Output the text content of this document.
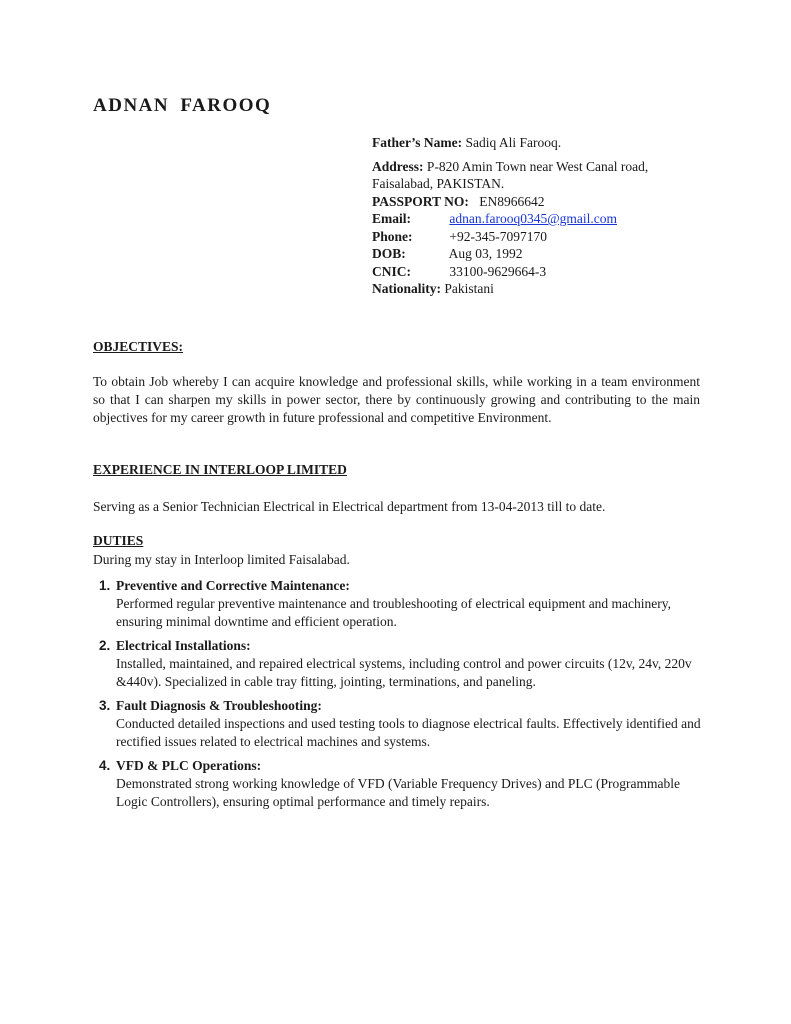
ADNAN FAROOQ
Father’s Name: Sadiq Ali Farooq.
Address: P-820 Amin Town near West Canal road, Faisalabad, PAKISTAN.
PASSPORT NO: EN8966642
Email:	adnan.farooq0345@gmail.com
Phone:	+92-345-7097170
DOB:	Aug 03, 1992
CNIC:	33100-9629664-3
Nationality: Pakistani
OBJECTIVES:

To obtain Job whereby I can acquire knowledge and professional skills, while working in a team environment so that I can sharpen my skills in power sector, there by continuously growing and contributing to the main objectives for my career growth in future professional and competitive Environment.

EXPERIENCE IN INTERLOOP LIMITED

Serving as a Senior Technician Electrical in Electrical department from 13-04-2013 till to date.

DUTIES

During my stay in Interloop limited Faisalabad.

1. Preventive and Corrective Maintenance:
Performed regular preventive maintenance and troubleshooting of electrical equipment and machinery, ensuring minimal downtime and efficient operation.
2. Electrical Installations:
Installed, maintained, and repaired electrical systems, including control and power circuits (12v, 24v, 220v &440v). Specialized in cable tray fitting, jointing, terminations, and paneling.
3. Fault Diagnosis & Troubleshooting:
Conducted detailed inspections and used testing tools to diagnose electrical faults. Effectively identified and rectified issues related to electrical machines and systems.
4. VFD & PLC Operations:
Demonstrated strong working knowledge of VFD (Variable Frequency Drives) and PLC (Programmable Logic Controllers), ensuring optimal performance and timely repairs.
